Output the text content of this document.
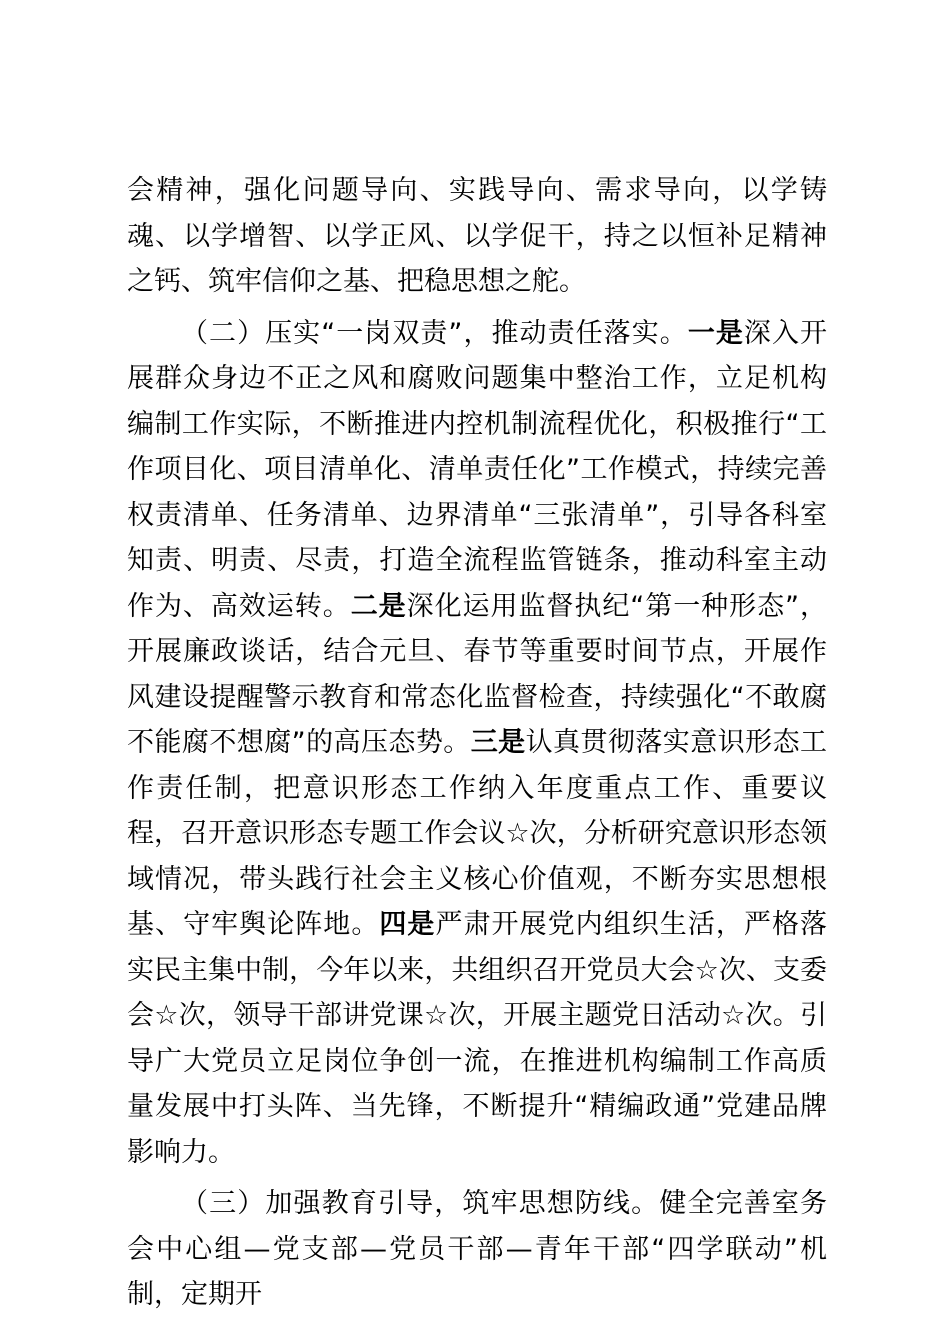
会精神，强化问题导向、实践导向、需求导向，以学铸魂、以学增智、以学正风、以学促干，持之以恒补足精神之钙、筑牢信仰之基、把稳思想之舵。

（二）压实“一岗双责”，推动责任落实。一是深入开展群众身边不正之风和腐败问题集中整治工作，立足机构编制工作实际，不断推进内控机制流程优化，积极推行“工作项目化、项目清单化、清单责任化”工作模式，持续完善权责清单、任务清单、边界清单“三张清单”，引导各科室知责、明责、尽责，打造全流程监管链条，推动科室主动作为、高效运转。二是深化运用监督执纪“第一种形态”，开展廉政谈话，结合元旦、春节等重要时间节点，开展作风建设提醒警示教育和常态化监督检查，持续强化“不敢腐不能腐不想腐”的高压态势。三是认真贯彻落实意识形态工作责任制，把意识形态工作纳入年度重点工作、重要议程，召开意识形态专题工作会议☆次，分析研究意识形态领域情况，带头践行社会主义核心价值观，不断夯实思想根基、守牢舆论阵地。四是严肃开展党内组织生活，严格落实民主集中制，今年以来，共组织召开党员大会☆次、支委会☆次，领导干部讲党课☆次，开展主题党日活动☆次。引导广大党员立足岗位争创一流，在推进机构编制工作高质量发展中打头阵、当先锋，不断提升“精编政通”党建品牌影响力。

（三）加强教育引导，筑牢思想防线。健全完善室务会中心组—党支部—党员干部—青年干部“四学联动”机制，定期开
